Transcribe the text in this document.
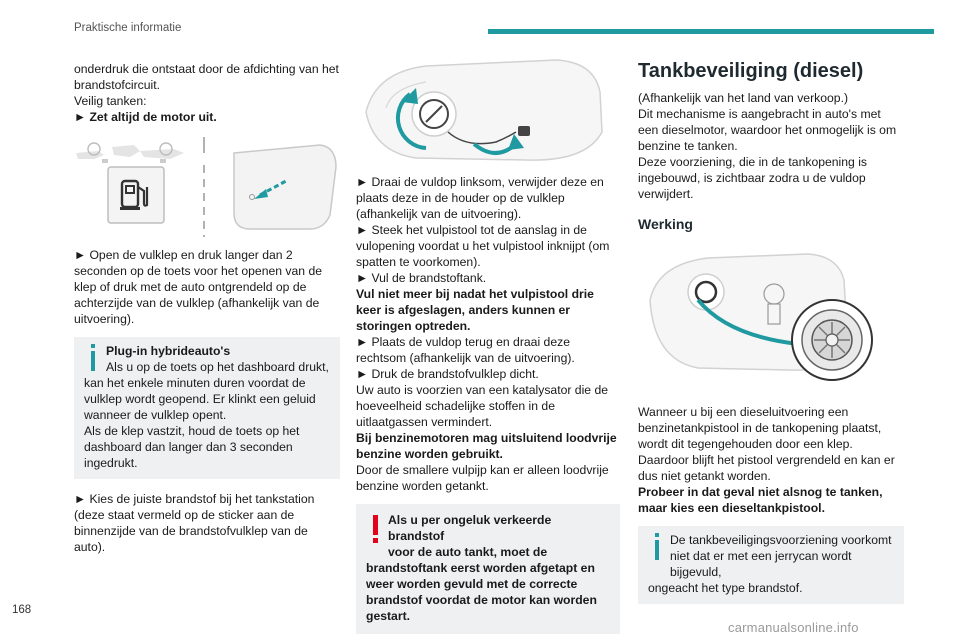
Praktische informatie

onderdruk die ontstaat door de afdichting van het brandstofcircuit.

Veilig tanken:

► Zet altijd de motor uit.

► Open de vulklep en druk langer dan 2 seconden op de toets voor het openen van de klep of druk met de auto ontgrendeld op de achterzijde van de vulklep (afhankelijk van de uitvoering).

Plug-in hybrideauto's

Als u op de toets op het dashboard drukt,

kan het enkele minuten duren voordat de vulklep wordt geopend. Er klinkt een geluid wanneer de vulklep opent.

Als de klep vastzit, houd de toets op het dashboard dan langer dan 3 seconden ingedrukt.

► Kies de juiste brandstof bij het tankstation (deze staat vermeld op de sticker aan de binnenzijde van de brandstofvulklep van de auto).

► Draai de vuldop linksom, verwijder deze en plaats deze in de houder op de vulklep (afhankelijk van de uitvoering).

► Steek het vulpistool tot de aanslag in de vulopening voordat u het vulpistool inknijpt (om spatten te voorkomen).

► Vul de brandstoftank.

Vul niet meer bij nadat het vulpistool drie keer is afgeslagen, anders kunnen er storingen optreden.

► Plaats de vuldop terug en draai deze rechtsom (afhankelijk van de uitvoering).

► Druk de brandstofvulklep dicht.

Uw auto is voorzien van een katalysator die de hoeveelheid schadelijke stoffen in de uitlaatgassen vermindert.

Bij benzinemotoren mag uitsluitend loodvrije benzine worden gebruikt.

Door de smallere vulpijp kan er alleen loodvrije benzine worden getankt.

Als u per ongeluk verkeerde brandstof

voor de auto tankt, moet de

brandstoftank eerst worden afgetapt en weer worden gevuld met de correcte brandstof voordat de motor kan worden gestart.

Tankbeveiliging (diesel)

(Afhankelijk van het land van verkoop.)

Dit mechanisme is aangebracht in auto's met een dieselmotor, waardoor het onmogelijk is om benzine te tanken.

Deze voorziening, die in de tankopening is ingebouwd, is zichtbaar zodra u de vuldop verwijdert.

Werking

Wanneer u bij een dieseluitvoering een benzinetankpistool in de tankopening plaatst, wordt dit tegengehouden door een klep. Daardoor blijft het pistool vergrendeld en kan er dus niet getankt worden.

Probeer in dat geval niet alsnog te tanken, maar kies een dieseltankpistool.

De tankbeveiligingsvoorziening voorkomt

niet dat er met een jerrycan wordt bijgevuld,

ongeacht het type brandstof.

168
carmanualsonline.info
